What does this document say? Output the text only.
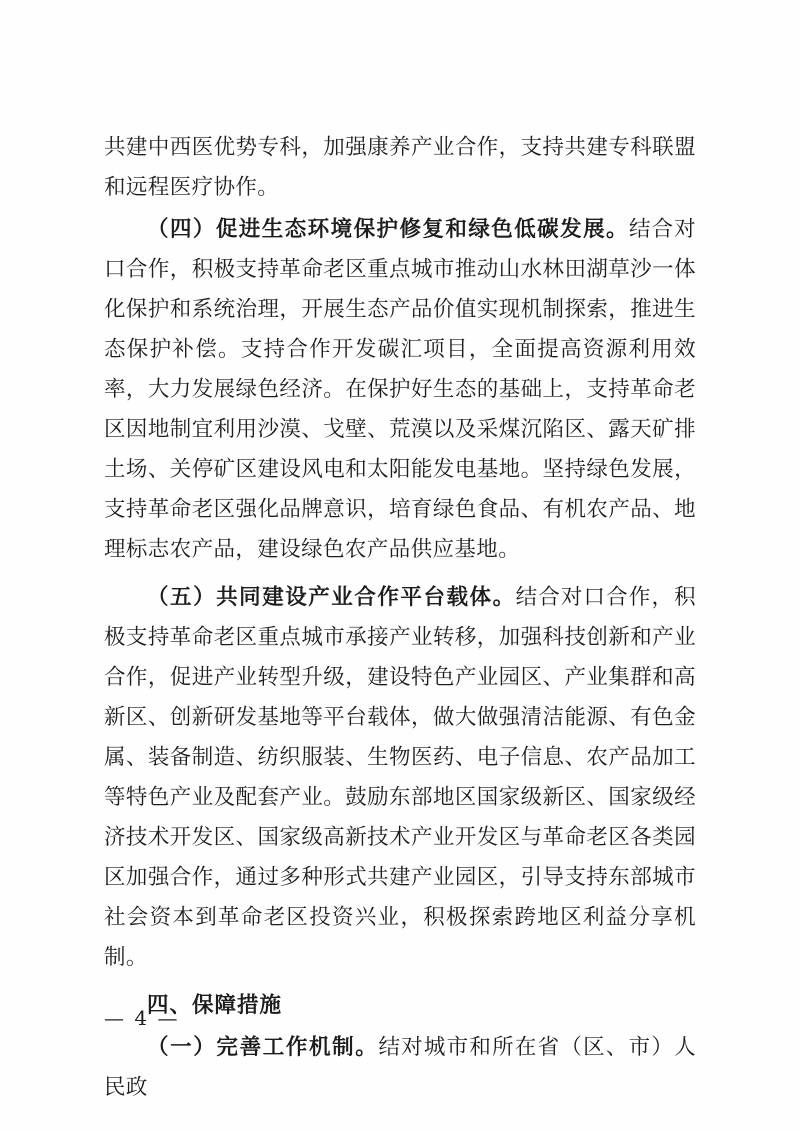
共建中西医优势专科，加强康养产业合作，支持共建专科联盟和远程医疗协作。

（四）促进生态环境保护修复和绿色低碳发展。结合对口合作，积极支持革命老区重点城市推动山水林田湖草沙一体化保护和系统治理，开展生态产品价值实现机制探索，推进生态保护补偿。支持合作开发碳汇项目，全面提高资源利用效率，大力发展绿色经济。在保护好生态的基础上，支持革命老区因地制宜利用沙漠、戈壁、荒漠以及采煤沉陷区、露天矿排土场、关停矿区建设风电和太阳能发电基地。坚持绿色发展，支持革命老区强化品牌意识，培育绿色食品、有机农产品、地理标志农产品，建设绿色农产品供应基地。

（五）共同建设产业合作平台载体。结合对口合作，积极支持革命老区重点城市承接产业转移，加强科技创新和产业合作，促进产业转型升级，建设特色产业园区、产业集群和高新区、创新研发基地等平台载体，做大做强清洁能源、有色金属、装备制造、纺织服装、生物医药、电子信息、农产品加工等特色产业及配套产业。鼓励东部地区国家级新区、国家级经济技术开发区、国家级高新技术产业开发区与革命老区各类园区加强合作，通过多种形式共建产业园区，引导支持东部城市社会资本到革命老区投资兴业，积极探索跨地区利益分享机制。

四、保障措施

（一）完善工作机制。结对城市和所在省（区、市）人民政

— 4 —
